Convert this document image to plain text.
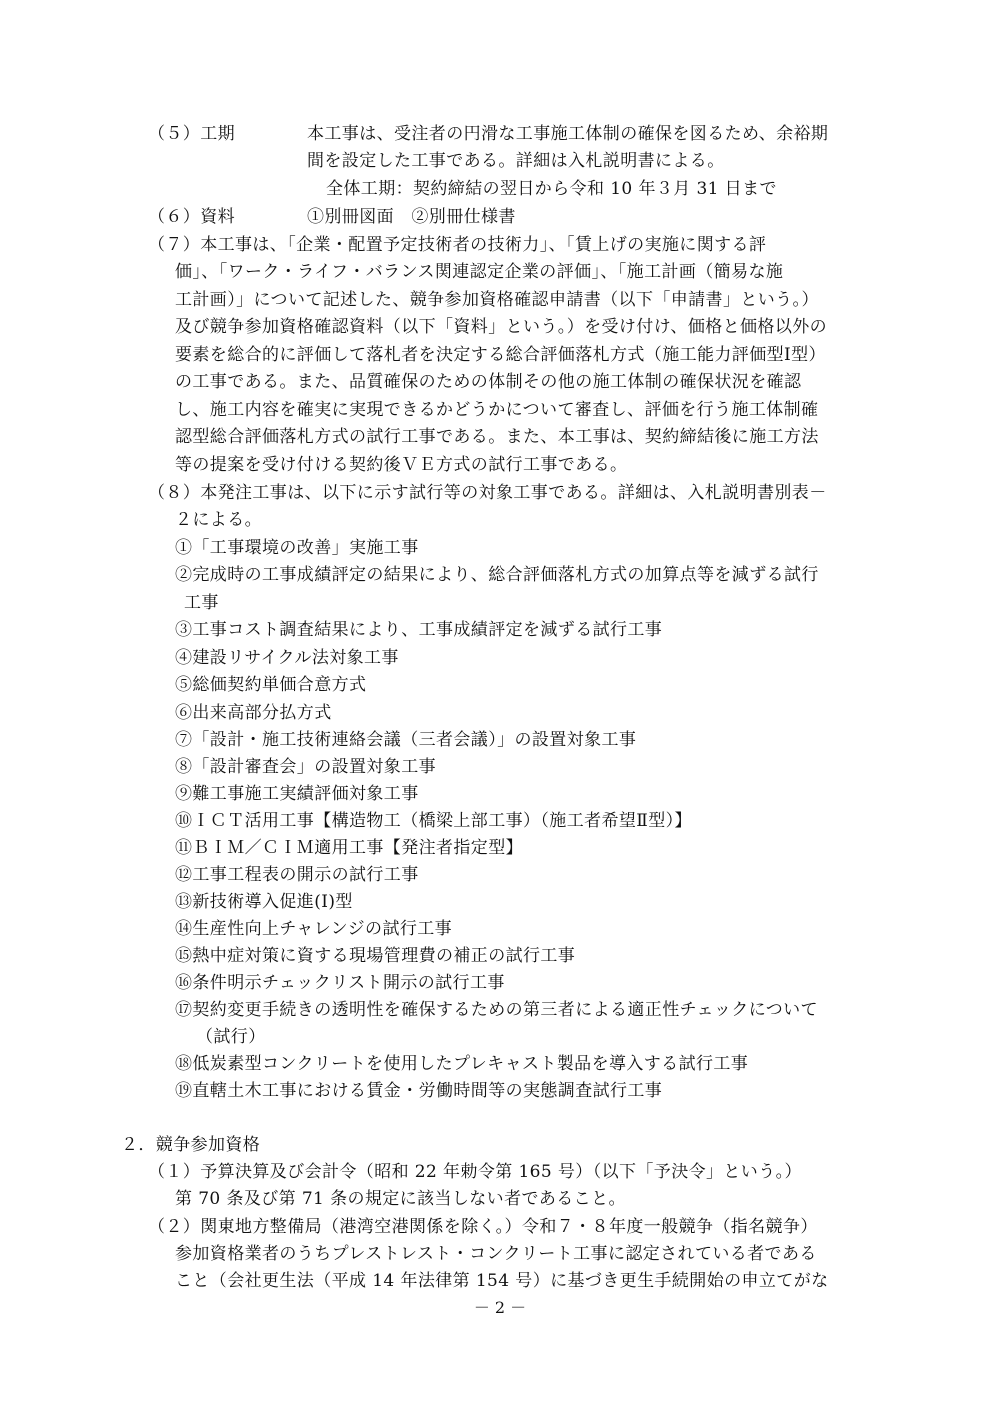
（５）工期	本工事は、受注者の円滑な工事施工体制の確保を図るため、余裕期
間を設定した工事である。詳細は入札説明書による。
全体工期：契約締結の翌日から令和 10 年３月 31 日まで
（６）資料	①別冊図面　②別冊仕様書
（７）本工事は、「企業・配置予定技術者の技術力」、「賃上げの実施に関する評
価」、「ワーク・ライフ・バランス関連認定企業の評価」、「施工計画（簡易な施
工計画）」について記述した、競争参加資格確認申請書（以下「申請書」という。）
及び競争参加資格確認資料（以下「資料」という。）を受け付け、価格と価格以外の
要素を総合的に評価して落札者を決定する総合評価落札方式（施工能力評価型Ⅰ型）
の工事である。また、品質確保のための体制その他の施工体制の確保状況を確認
し、施工内容を確実に実現できるかどうかについて審査し、評価を行う施工体制確
認型総合評価落札方式の試行工事である。また、本工事は、契約締結後に施工方法
等の提案を受け付ける契約後ＶＥ方式の試行工事である。
（８）本発注工事は、以下に示す試行等の対象工事である。詳細は、入札説明書別表－
２による。
①「工事環境の改善」実施工事
②完成時の工事成績評定の結果により、総合評価落札方式の加算点等を減ずる試行
工事
③工事コスト調査結果により、工事成績評定を減ずる試行工事
④建設リサイクル法対象工事
⑤総価契約単価合意方式
⑥出来高部分払方式
⑦「設計・施工技術連絡会議（三者会議）」の設置対象工事
⑧「設計審査会」の設置対象工事
⑨難工事施工実績評価対象工事
⑩ＩＣＴ活用工事【構造物工（橋梁上部工事）（施工者希望Ⅱ型）】
⑪ＢＩＭ／ＣＩＭ適用工事【発注者指定型】
⑫工事工程表の開示の試行工事
⑬新技術導入促進(Ⅰ)型
⑭生産性向上チャレンジの試行工事
⑮熱中症対策に資する現場管理費の補正の試行工事
⑯条件明示チェックリスト開示の試行工事
⑰契約変更手続きの透明性を確保するための第三者による適正性チェックについて
（試行）
⑱低炭素型コンクリートを使用したプレキャスト製品を導入する試行工事
⑲直轄土木工事における賃金・労働時間等の実態調査試行工事
２．競争参加資格
（１）予算決算及び会計令（昭和 22 年勅令第 165 号）（以下「予決令」という。）
第 70 条及び第 71 条の規定に該当しない者であること。
（２）関東地方整備局（港湾空港関係を除く。）令和７・８年度一般競争（指名競争）
参加資格業者のうちプレストレスト・コンクリート工事に認定されている者である
こと（会社更生法（平成 14 年法律第 154 号）に基づき更生手続開始の申立てがな
－ 2 －
